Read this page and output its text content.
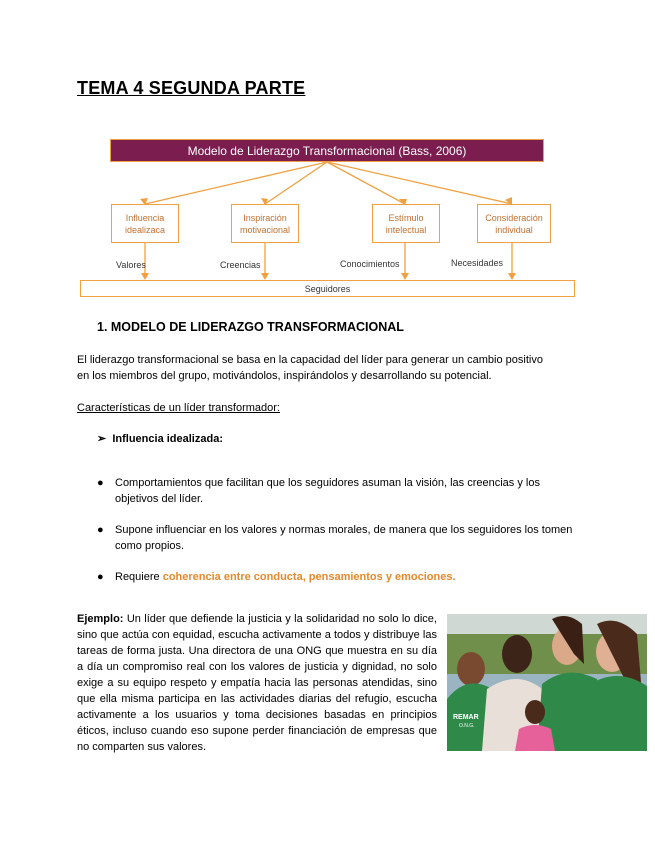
TEMA 4 SEGUNDA PARTE
Modelo de Liderazgo Transformacional (Bass, 2006)
Influencia
idealizaca
Inspiración
motivacional
Estímulo
intelectual
Consideración
individual
Valores	Creencias	Conocimientos	Necesidades
Seguidores
1. MODELO DE LIDERAZGO TRANSFORMACIONAL
El liderazgo transformacional se basa en la capacidad del líder para generar un cambio positivo
en los miembros del grupo, motivándolos, inspirándolos y desarrollando su potencial.
Características de un líder transformador:
➢ Influencia idealizada:
● Comportamientos que facilitan que los seguidores asuman la visión, las creencias y los objetivos del líder.
● Supone influenciar en los valores y normas morales, de manera que los seguidores los tomen como propios.
● Requiere coherencia entre conducta, pensamientos y emociones.
Ejemplo: Un líder que defiende la justicia y la solidaridad no solo lo dice, sino que actúa con equidad, escucha activamente a todos y distribuye las tareas de forma justa. Una directora de una ONG que muestra en su día a día un compromiso real con los valores de justicia y dignidad, no solo exige a su equipo respeto y empatía hacia las personas atendidas, sino que ella misma participa en las actividades diarias del refugio, escucha activamente a los usuarios y toma decisiones basadas en principios éticos, incluso cuando eso supone perder financiación de empresas que no comparten sus valores.
REMAR
O.N.G.
